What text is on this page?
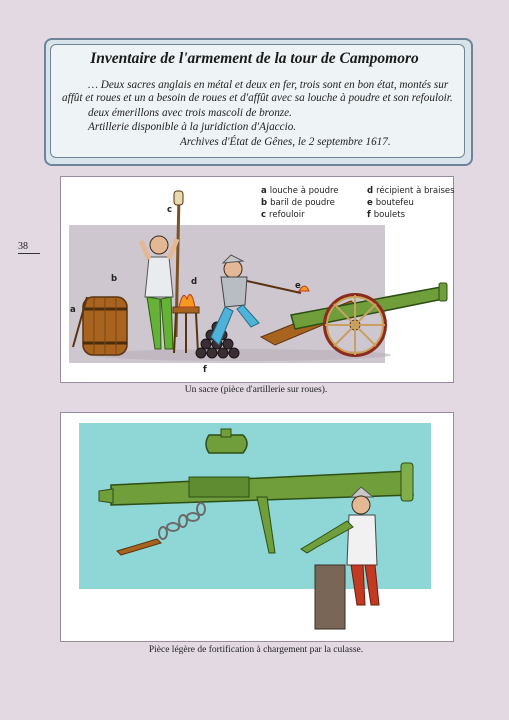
Inventaire de l'armement de la tour de Campomoro
… Deux sacres anglais en métal et deux en fer, trois sont en bon état, montés sur
affût et roues et un a besoin de roues et d'affût avec sa louche à poudre et son refouloir.
deux émerillons avec trois mascoli de bronze.
Artillerie disponible à la juridiction d'Ajaccio.
Archives d'État de Gênes, le 2 septembre 1617.
38
a louche à poudre
b baril de poudre
c refouloir
d récipient à braises
e boutefeu
f boulets
c
b	d	e
a
f
Un sacre (pièce d'artillerie sur roues).
Pièce légère de fortification à chargement par la culasse.
